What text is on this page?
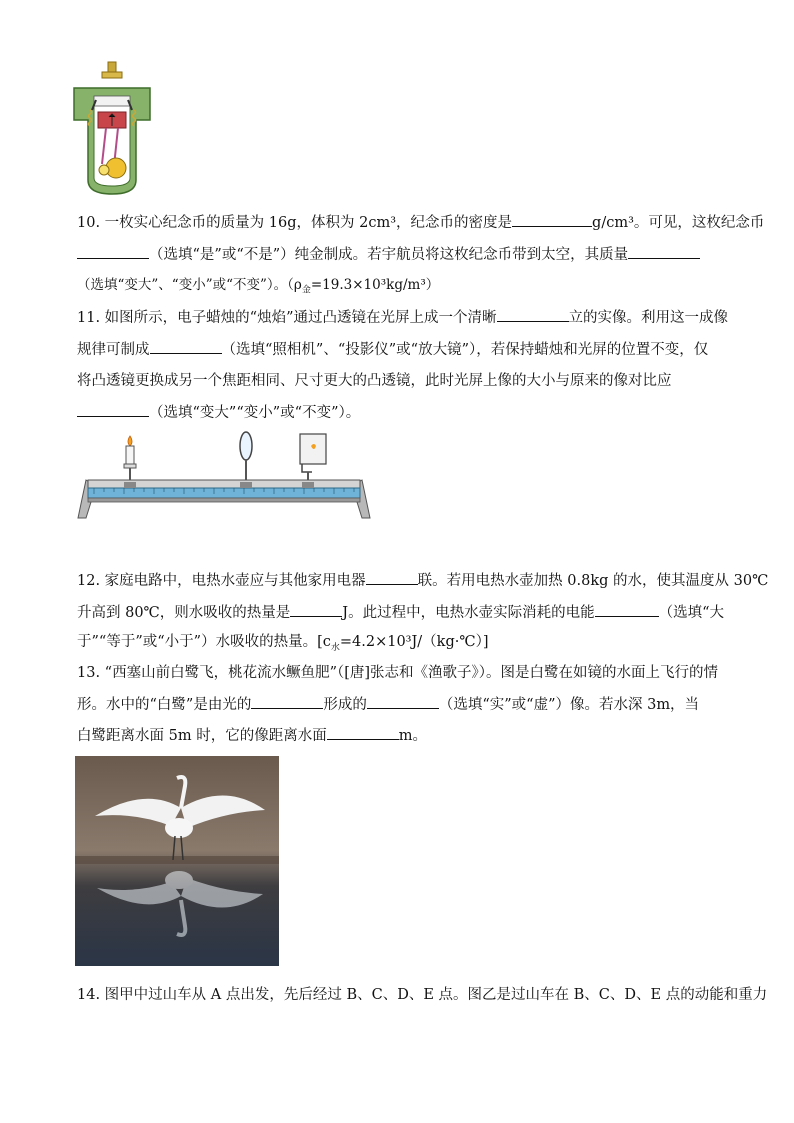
10. 一枚实心纪念币的质量为 16g，体积为 2cm³，纪念币的密度是	g/cm³。可见，这枚纪念币
（选填“是”或“不是”）纯金制成。若宇航员将这枚纪念币带到太空，其质量
（选填“变大”、“变小”或“不变”）。$(\rho_金=19.3\times 10^3kg/m^3)$
11. 如图所示，电子蜡烛的“烛焰”通过凸透镜在光屏上成一个清晰	立的实像。利用这一成像
规律可制成	（选填“照相机”、“投影仪”或“放大镜”），若保持蜡烛和光屏的位置不变，仅
将凸透镜更换成另一个焦距相同、尺寸更大的凸透镜，此时光屏上像的大小与原来的像对比应
（选填“变大”“变小”或“不变”）。
12. 家庭电路中，电热水壶应与其他家用电器	联。若用电热水壶加热 0.8kg 的水，使其温度从 30℃
升高到 80℃，则水吸收的热量是	J。此过程中，电热水壶实际消耗的电能	（选填“大
于”“等于”或“小于”）水吸收的热量。$[c_水=4.2\times 10^3J/(kg\cdot℃)]$
13. “西塞山前白鹭飞，桃花流水鳜鱼肥”（[唐]张志和《渔歌子》）。图是白鹭在如镜的水面上飞行的情
形。水中的“白鹭”是由光的	形成的	（选填“实”或“虚”）像。若水深 3m，当
白鹭距离水面 5m 时，它的像距离水面	m。
14. 图甲中过山车从 A 点出发，先后经过 B、C、D、E 点。图乙是过山车在 B、C、D、E 点的动能和重力
